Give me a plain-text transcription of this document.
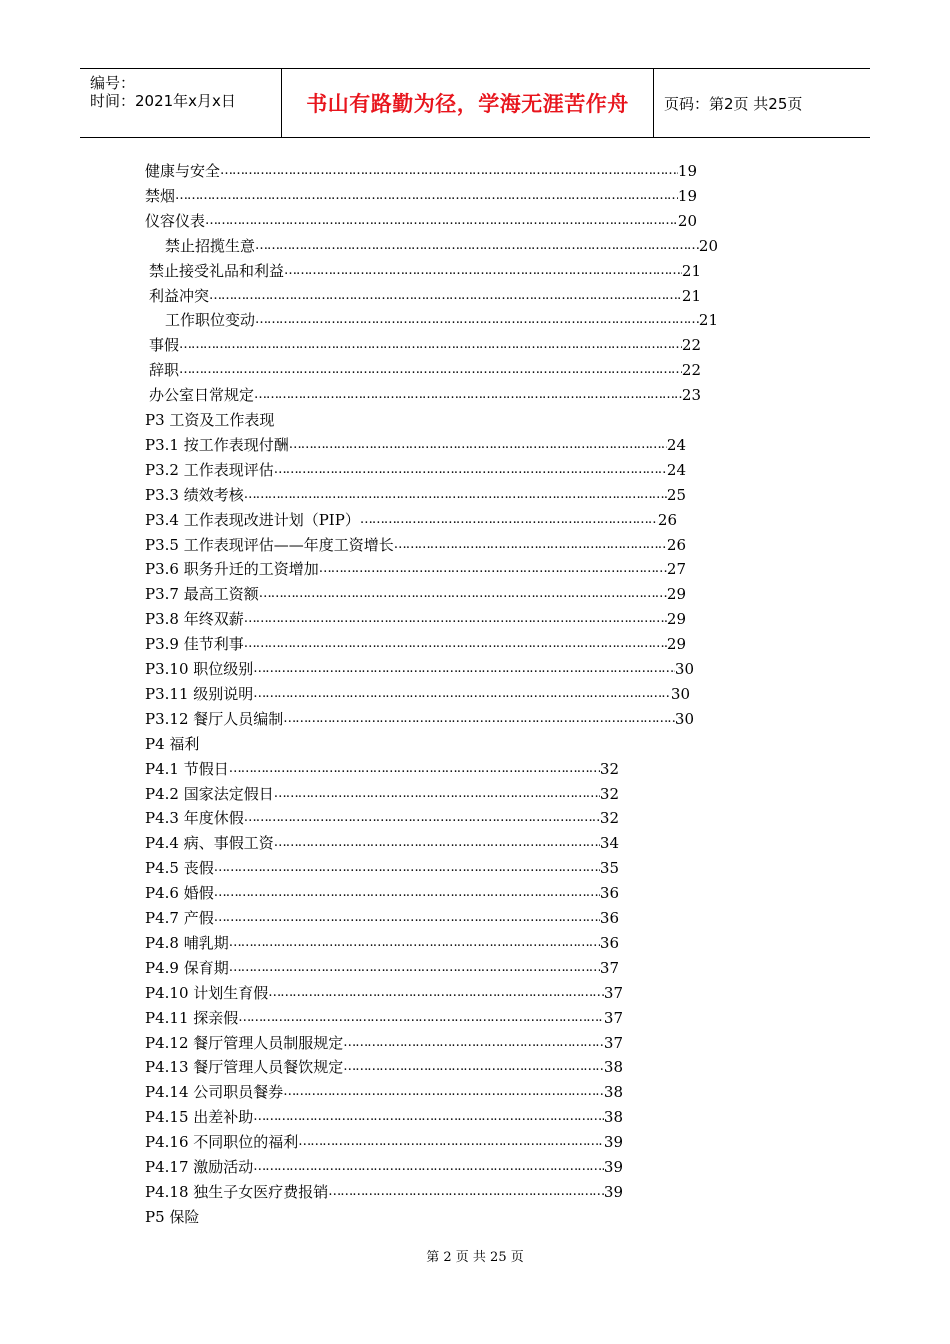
编号：
时间：2021年x月x日	书山有路勤为径，学海无涯苦作舟	页码：第2页 共25页
健康与安全 ……………………………………………………………………………………………………………………………………………	19
禁烟 ……………………………………………………………………………………………………………………………………………	19
仪容仪表 ……………………………………………………………………………………………………………………………………………	20
禁止招揽生意 ……………………………………………………………………………………………………………………………………………	20
禁止接受礼品和利益 ……………………………………………………………………………………………………………………………………………	21
利益冲突 ……………………………………………………………………………………………………………………………………………	21
工作职位变动 ……………………………………………………………………………………………………………………………………………	21
事假 ……………………………………………………………………………………………………………………………………………	22
辞职 ……………………………………………………………………………………………………………………………………………	22
办公室日常规定 ……………………………………………………………………………………………………………………………………………	23
P3 工资及工作表现
P3.1 按工作表现付酬 ……………………………………………………………………………………………………………………………………………	24
P3.2 工作表现评估 ……………………………………………………………………………………………………………………………………………	24
P3.3 绩效考核 ……………………………………………………………………………………………………………………………………………	25
P3.4 工作表现改进计划（PIP） ……………………………………………………………………………………………………………………………………………	26
P3.5 工作表现评估——年度工资增长 ……………………………………………………………………………………………………………………………………………	26
P3.6 职务升迁的工资增加 ……………………………………………………………………………………………………………………………………………	27
P3.7 最高工资额 ……………………………………………………………………………………………………………………………………………	29
P3.8 年终双薪 ……………………………………………………………………………………………………………………………………………	29
P3.9 佳节利事 ……………………………………………………………………………………………………………………………………………	29
P3.10 职位级别 ……………………………………………………………………………………………………………………………………………	30
P3.11 级别说明 ……………………………………………………………………………………………………………………………………………	30
P3.12 餐厅人员编制 ……………………………………………………………………………………………………………………………………………	30
P4 福利
P4.1 节假日 ……………………………………………………………………………………………………………………………………………	32
P4.2 国家法定假日 ……………………………………………………………………………………………………………………………………………	32
P4.3 年度休假 ……………………………………………………………………………………………………………………………………………	32
P4.4 病、事假工资 ……………………………………………………………………………………………………………………………………………	34
P4.5 丧假 ……………………………………………………………………………………………………………………………………………	35
P4.6 婚假 ……………………………………………………………………………………………………………………………………………	36
P4.7 产假 ……………………………………………………………………………………………………………………………………………	36
P4.8 哺乳期 ……………………………………………………………………………………………………………………………………………	36
P4.9 保育期 ……………………………………………………………………………………………………………………………………………	37
P4.10 计划生育假 ……………………………………………………………………………………………………………………………………………	37
P4.11 探亲假 ……………………………………………………………………………………………………………………………………………	37
P4.12 餐厅管理人员制服规定 ……………………………………………………………………………………………………………………………………………	37
P4.13 餐厅管理人员餐饮规定 ……………………………………………………………………………………………………………………………………………	38
P4.14 公司职员餐券 ……………………………………………………………………………………………………………………………………………	38
P4.15 出差补助 ……………………………………………………………………………………………………………………………………………	38
P4.16 不同职位的福利 ……………………………………………………………………………………………………………………………………………	39
P4.17 激励活动 ……………………………………………………………………………………………………………………………………………	39
P4.18 独生子女医疗费报销 ……………………………………………………………………………………………………………………………………………	39
P5 保险
第 2 页 共 25 页
